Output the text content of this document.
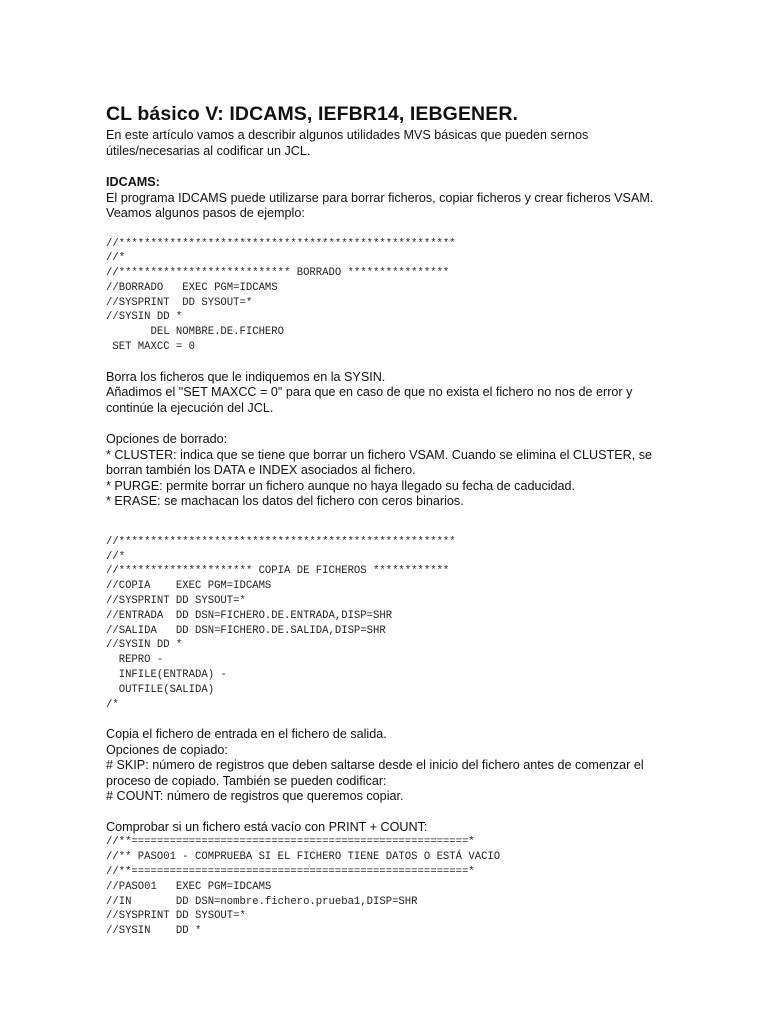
CL básico V: IDCAMS, IEFBR14, IEBGENER.

En este artículo vamos a describir algunos utilidades MVS básicas que pueden sernos
útiles/necesarias al codificar un JCL.

IDCAMS:

El programa IDCAMS puede utilizarse para borrar ficheros, copiar ficheros y crear ficheros VSAM.
Veamos algunos pasos de ejemplo:

//*****************************************************
//*
//*************************** BORRADO ****************
//BORRADO   EXEC PGM=IDCAMS
//SYSPRINT  DD SYSOUT=*
//SYSIN DD *
DEL NOMBRE.DE.FICHERO
SET MAXCC = 0

Borra los ficheros que le indiquemos en la SYSIN.
Añadimos el "SET MAXCC = 0" para que en caso de que no exista el fichero no nos de error y
continúe la ejecución del JCL.

Opciones de borrado:
* CLUSTER: indica que se tiene que borrar un fichero VSAM. Cuando se elimina el CLUSTER, se
borran también los DATA e INDEX asociados al fichero.
* PURGE: permite borrar un fichero aunque no haya llegado su fecha de caducidad.
* ERASE: se machacan los datos del fichero con ceros binarios.

//*****************************************************
//*
//********************* COPIA DE FICHEROS ************
//COPIA    EXEC PGM=IDCAMS
//SYSPRINT DD SYSOUT=*
//ENTRADA  DD DSN=FICHERO.DE.ENTRADA,DISP=SHR
//SALIDA   DD DSN=FICHERO.DE.SALIDA,DISP=SHR
//SYSIN DD *
REPRO -
INFILE(ENTRADA) -
OUTFILE(SALIDA)
/*

Copia el fichero de entrada en el fichero de salida.
Opciones de copiado:
# SKIP: número de registros que deben saltarse desde el inicio del fichero antes de comenzar el
proceso de copiado. También se pueden codificar:
# COUNT: número de registros que queremos copiar.

Comprobar si un fichero está vacío con PRINT + COUNT:

//**=====================================================*
//** PASO01 - COMPRUEBA SI EL FICHERO TIENE DATOS O ESTÁ VACIO
//**=====================================================*
//PASO01   EXEC PGM=IDCAMS
//IN       DD DSN=nombre.fichero.prueba1,DISP=SHR
//SYSPRINT DD SYSOUT=*
//SYSIN    DD *
